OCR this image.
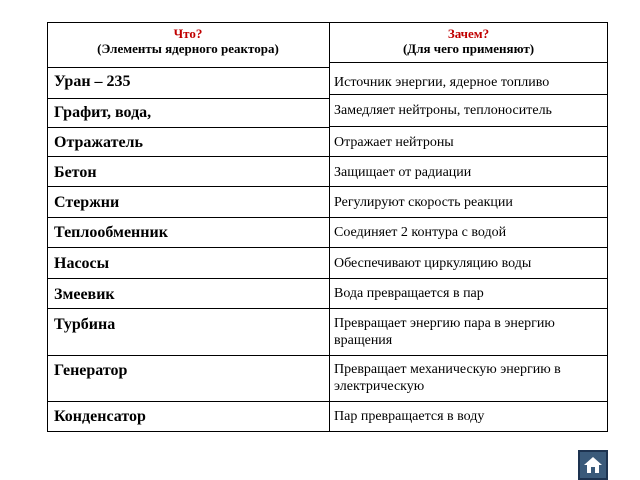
Что?
(Элементы ядерного реактора)
Зачем?
(Для чего применяют)
Уран – 235
Графит, вода,
Отражатель
Бетон
Стержни
Теплообменник
Насосы
Змеевик
Турбина
Генератор
Конденсатор
Источник энергии, ядерное топливо
Замедляет нейтроны, теплоноситель
Отражает нейтроны
Защищает от радиации
Регулируют скорость реакции
Соединяет 2 контура с водой
Обеспечивают циркуляцию воды
Вода превращается в пар
Превращает энергию пара в энергию вращения
Превращает механическую энергию в электрическую
Пар превращается в воду
